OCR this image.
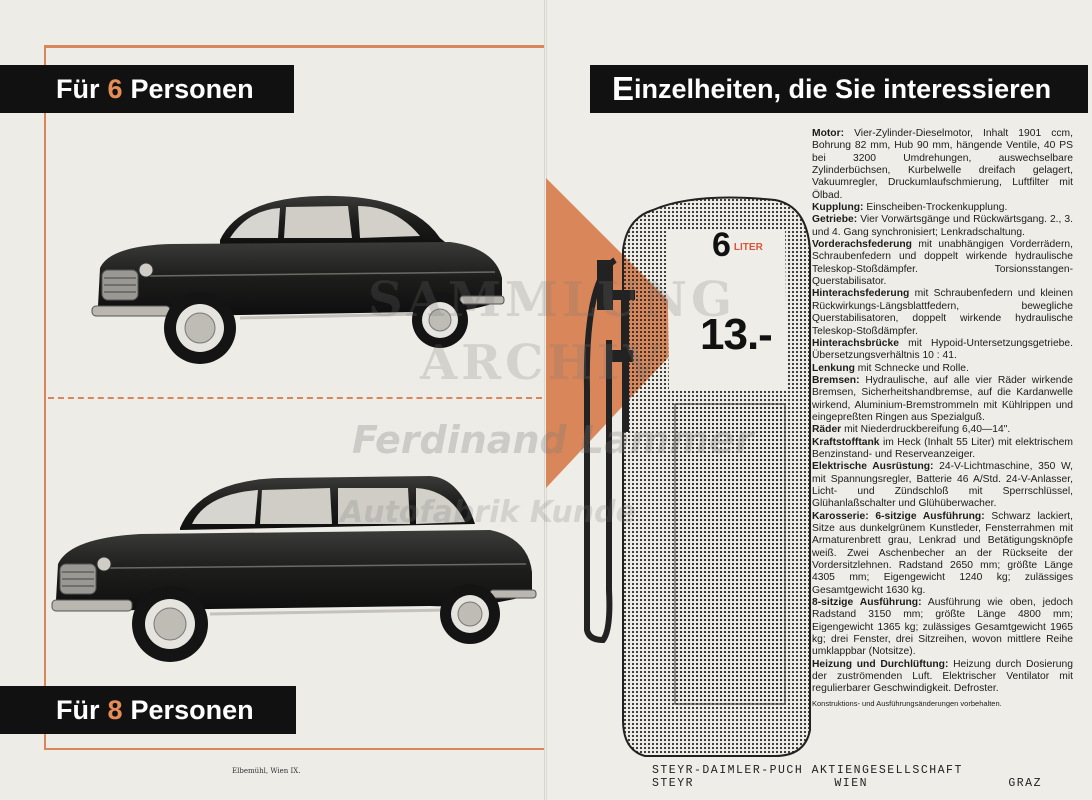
Für 6 Personen
Für 8 Personen
Elbemühl, Wien IX.
E inzelheiten, die Sie interessieren
6 $^{LITER}$
13.-

Motor: Vier-Zylinder-Dieselmotor, Inhalt 1901 ccm, Bohrung 82 mm, Hub 90 mm, hängende Ventile, 40 PS bei 3200 Umdrehungen, auswechselbare Zylinderbüchsen, Kurbelwelle dreifach gelagert, Vakuumregler, Druckumlaufschmierung, Luftfilter mit Ölbad.

Kupplung: Einscheiben-Trockenkupplung.

Getriebe: Vier Vorwärtsgänge und Rückwärtsgang. 2., 3. und 4. Gang synchronisiert; Lenkradschaltung.

Vorderachsfederung mit unabhängigen Vorderrädern, Schraubenfedern und doppelt wirkende hydraulische Teleskop-Stoßdämpfer. Torsionsstangen-Querstabilisator.

Hinterachsfederung mit Schraubenfedern und kleinen Rückwirkungs-Längsblattfedern, bewegliche Querstabilisatoren, doppelt wirkende hydraulische Teleskop-Stoßdämpfer.

Hinterachsbrücke mit Hypoid-Untersetzungsgetriebe. Übersetzungsverhältnis 10 : 41.

Lenkung mit Schnecke und Rolle.

Bremsen: Hydraulische, auf alle vier Räder wirkende Bremsen, Sicherheitshandbremse, auf die Kardanwelle wirkend, Aluminium-Bremstrommeln mit Kühlrippen und eingepreßten Ringen aus Spezialguß.

Räder mit Niederdruckbereifung 6,40—14".

Kraftstofftank im Heck (Inhalt 55 Liter) mit elektrischem Benzinstand- und Reserveanzeiger.

Elektrische Ausrüstung: 24-V-Lichtmaschine, 350 W, mit Spannungsregler, Batterie 46 A/Std. 24-V-Anlasser, Licht- und Zündschloß mit Sperrschlüssel, Glühanlaßschalter und Glühüberwacher.

Karosserie: 6-sitzige Ausführung: Schwarz lackiert, Sitze aus dunkelgrünem Kunstleder, Fensterrahmen mit Armaturenbrett grau, Lenkrad und Betätigungsknöpfe weiß. Zwei Aschenbecher an der Rückseite der Vordersitzlehnen. Radstand 2650 mm; größte Länge 4305 mm; Eigengewicht 1240 kg; zulässiges Gesamtgewicht 1630 kg.

8-sitzige Ausführung: Ausführung wie oben, jedoch Radstand 3150 mm; größte Länge 4800 mm; Eigengewicht 1365 kg; zulässiges Gesamtgewicht 1965 kg; drei Fenster, drei Sitzreihen, wovon mittlere Reihe umklappbar (Notsitze).

Heizung und Durchlüftung: Heizung durch Dosierung der zuströmenden Luft. Elektrischer Ventilator mit regulierbarer Geschwindigkeit. Defroster.

Konstruktions- und Ausführungsänderungen vorbehalten.

STEYR-DAIMLER-PUCH AKTIENGESELLSCHAFT
STEYR	WIEN	GRAZ
SAMMLUNG
ARCHIV
Ferdinand Lammer
Autofabrik Kunde
